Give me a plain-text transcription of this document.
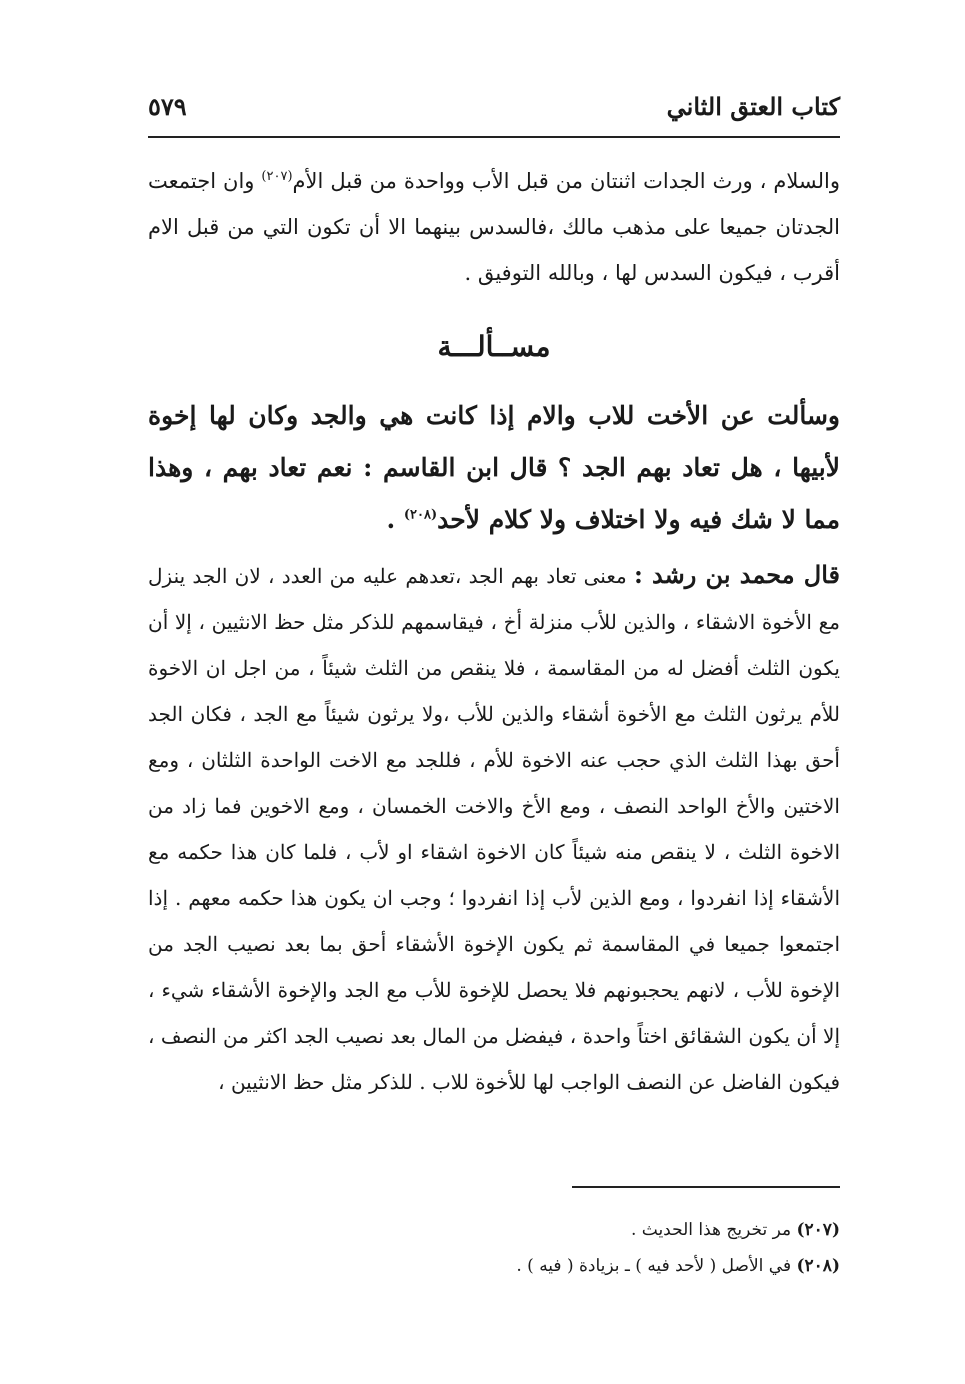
كتاب العتق الثاني
٥٧٩

والسلام ، ورث الجدات اثنتان من قبل الأب وواحدة من قبل الأم$^{(٢٠٧)}$ وان اجتمعت الجدتان جميعا على مذهب مالك ،فالسدس بينهما الا أن تكون التي من قبل الام أقرب ، فيكون السدس لها ، وبالله التوفيق .

مســألـــة

وسألت عن الأخت للاب والام إذا كانت هي والجد وكان لها إخوة لأبيها ، هل تعاد بهم الجد ؟ قال ابن القاسم : نعم تعاد بهم ، وهذا مما لا شك فيه ولا اختلاف ولا كلام لأحد$^{(٢٠٨)}$ .

قال محمد بن رشد : معنى تعاد بهم الجد ،تعدهم عليه من العدد ، لان الجد ينزل مع الأخوة الاشقاء ، والذين للأب منزلة أخ ، فيقاسمهم للذكر مثل حظ الانثيين ، إلا أن يكون الثلث أفضل له من المقاسمة ، فلا ينقص من الثلث شيئاً ، من اجل ان الاخوة للأم يرثون الثلث مع الأخوة أشقاء والذين للأب ،ولا يرثون شيئاً مع الجد ، فكان الجد أحق بهذا الثلث الذي حجب عنه الاخوة للأم ، فللجد مع الاخت الواحدة الثلثان ، ومع الاختين والأخ الواحد النصف ، ومع الأخ والاخت الخمسان ، ومع الاخوين فما زاد من الاخوة الثلث ، لا ينقص منه شيئاً كان الاخوة اشقاء او لأب ، فلما كان هذا حكمه مع الأشقاء إذا انفردوا ، ومع الذين لأب إذا انفردوا ؛ وجب ان يكون هذا حكمه معهم . إذا اجتمعوا جميعا في المقاسمة ثم يكون الإخوة الأشقاء أحق بما بعد نصيب الجد من الإخوة للأب ، لانهم يحجبونهم فلا يحصل للإخوة للأب مع الجد والإخوة الأشقاء شيء ، إلا أن يكون الشقائق اختاً واحدة ، فيفضل من المال بعد نصيب الجد اكثر من النصف ، فيكون الفاضل عن النصف الواجب لها للأخوة للاب . للذكر مثل حظ الانثيين ،

(٢٠٧) مر تخريج هذا الحديث .
(٢٠٨) في الأصل ( لأحد فيه ) ـ بزيادة ( فيه ) .
